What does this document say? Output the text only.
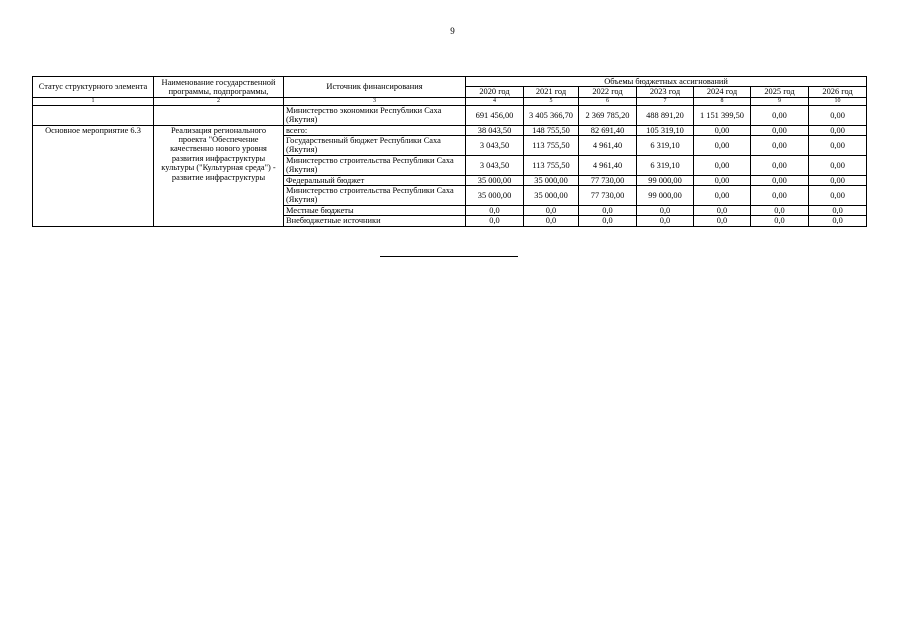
9
Статус структурного элемента	Наименование государственной программы, подпрограммы,	Источник финансирования	Объемы бюджетных ассигнований						
			2020 год	2021 год	2022 год	2023 год	2024 год	2025 год	2026 год
1	2	3	4	5	6	7	8	9	10
		Министерство экономики Республики Саха (Якутия)	691 456,00	3 405 366,70	2 369 785,20	488 891,20	1 151 399,50	0,00	0,00
Основное мероприятие 6.3	Реализация регионального проекта "Обеспечение качественно нового уровня развития инфраструктуры культуры ("Культурная среда") - развитие инфраструктуры	всего:	38 043,50	148 755,50	82 691,40	105 319,10	0,00	0,00	0,00
		Государственный бюджет Республики Саха (Якутия)	3 043,50	113 755,50	4 961,40	6 319,10	0,00	0,00	0,00
		Министерство строительства Республики Саха (Якутия)	3 043,50	113 755,50	4 961,40	6 319,10	0,00	0,00	0,00
		Федеральный бюджет	35 000,00	35 000,00	77 730,00	99 000,00	0,00	0,00	0,00
		Министерство строительства Республики Саха (Якутия)	35 000,00	35 000,00	77 730,00	99 000,00	0,00	0,00	0,00
		Местные бюджеты	0,0	0,0	0,0	0,0	0,0	0,0	0,0
		Внебюджетные источники	0,0	0,0	0,0	0,0	0,0	0,0	0,0
